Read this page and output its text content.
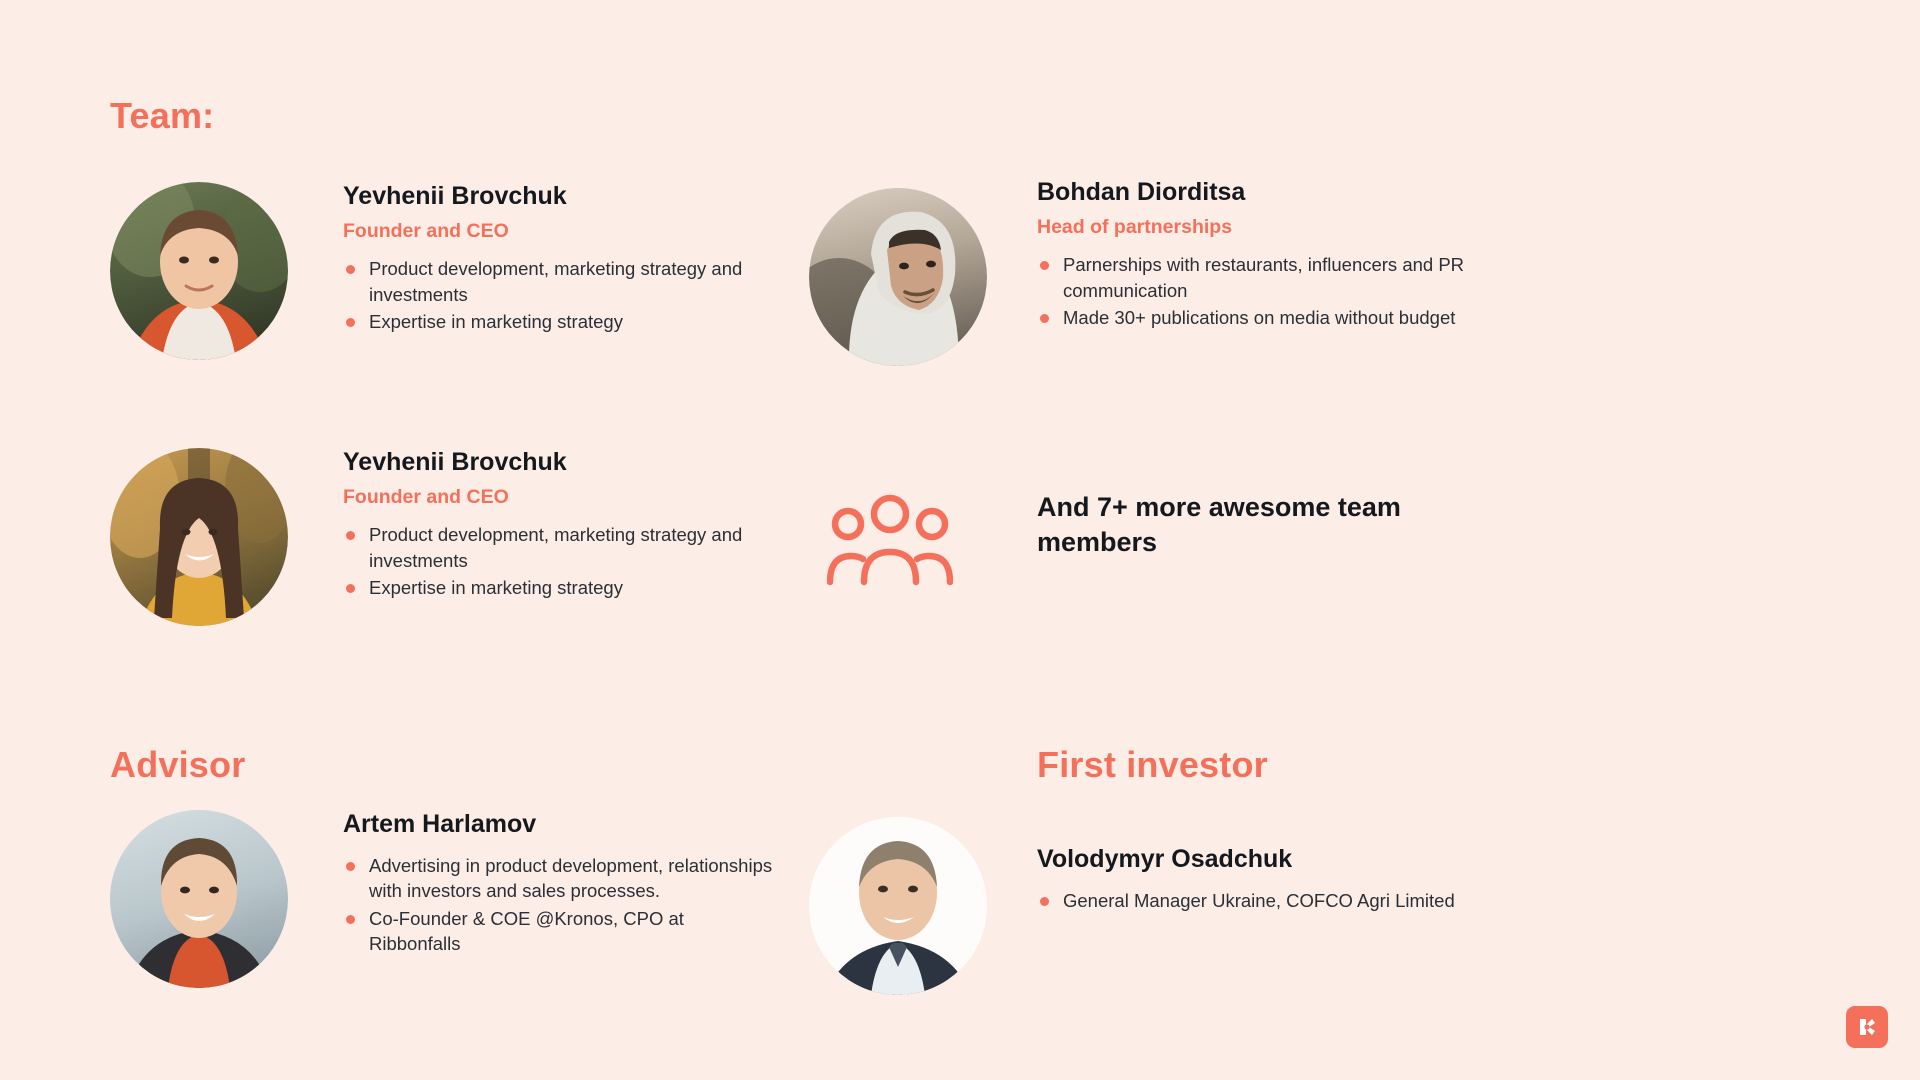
Team:
Advisor	First investor
Yevhenii Brovchuk
Founder and CEO
Product development, marketing strategy and investments
Expertise in marketing strategy
Yevhenii Brovchuk
Founder and CEO
Product development, marketing strategy and investments
Expertise in marketing strategy
Bohdan Diorditsa
Head of partnerships
Parnerships with restaurants, influencers and PR communication
Made 30+ publications on media without budget
And 7+ more awesome team members
Artem Harlamov
Advertising in product development, relationships with investors and sales processes.
Co-Founder & COE @Kronos, CPO at Ribbonfalls
Volodymyr Osadchuk
General Manager Ukraine, COFCO Agri Limited
